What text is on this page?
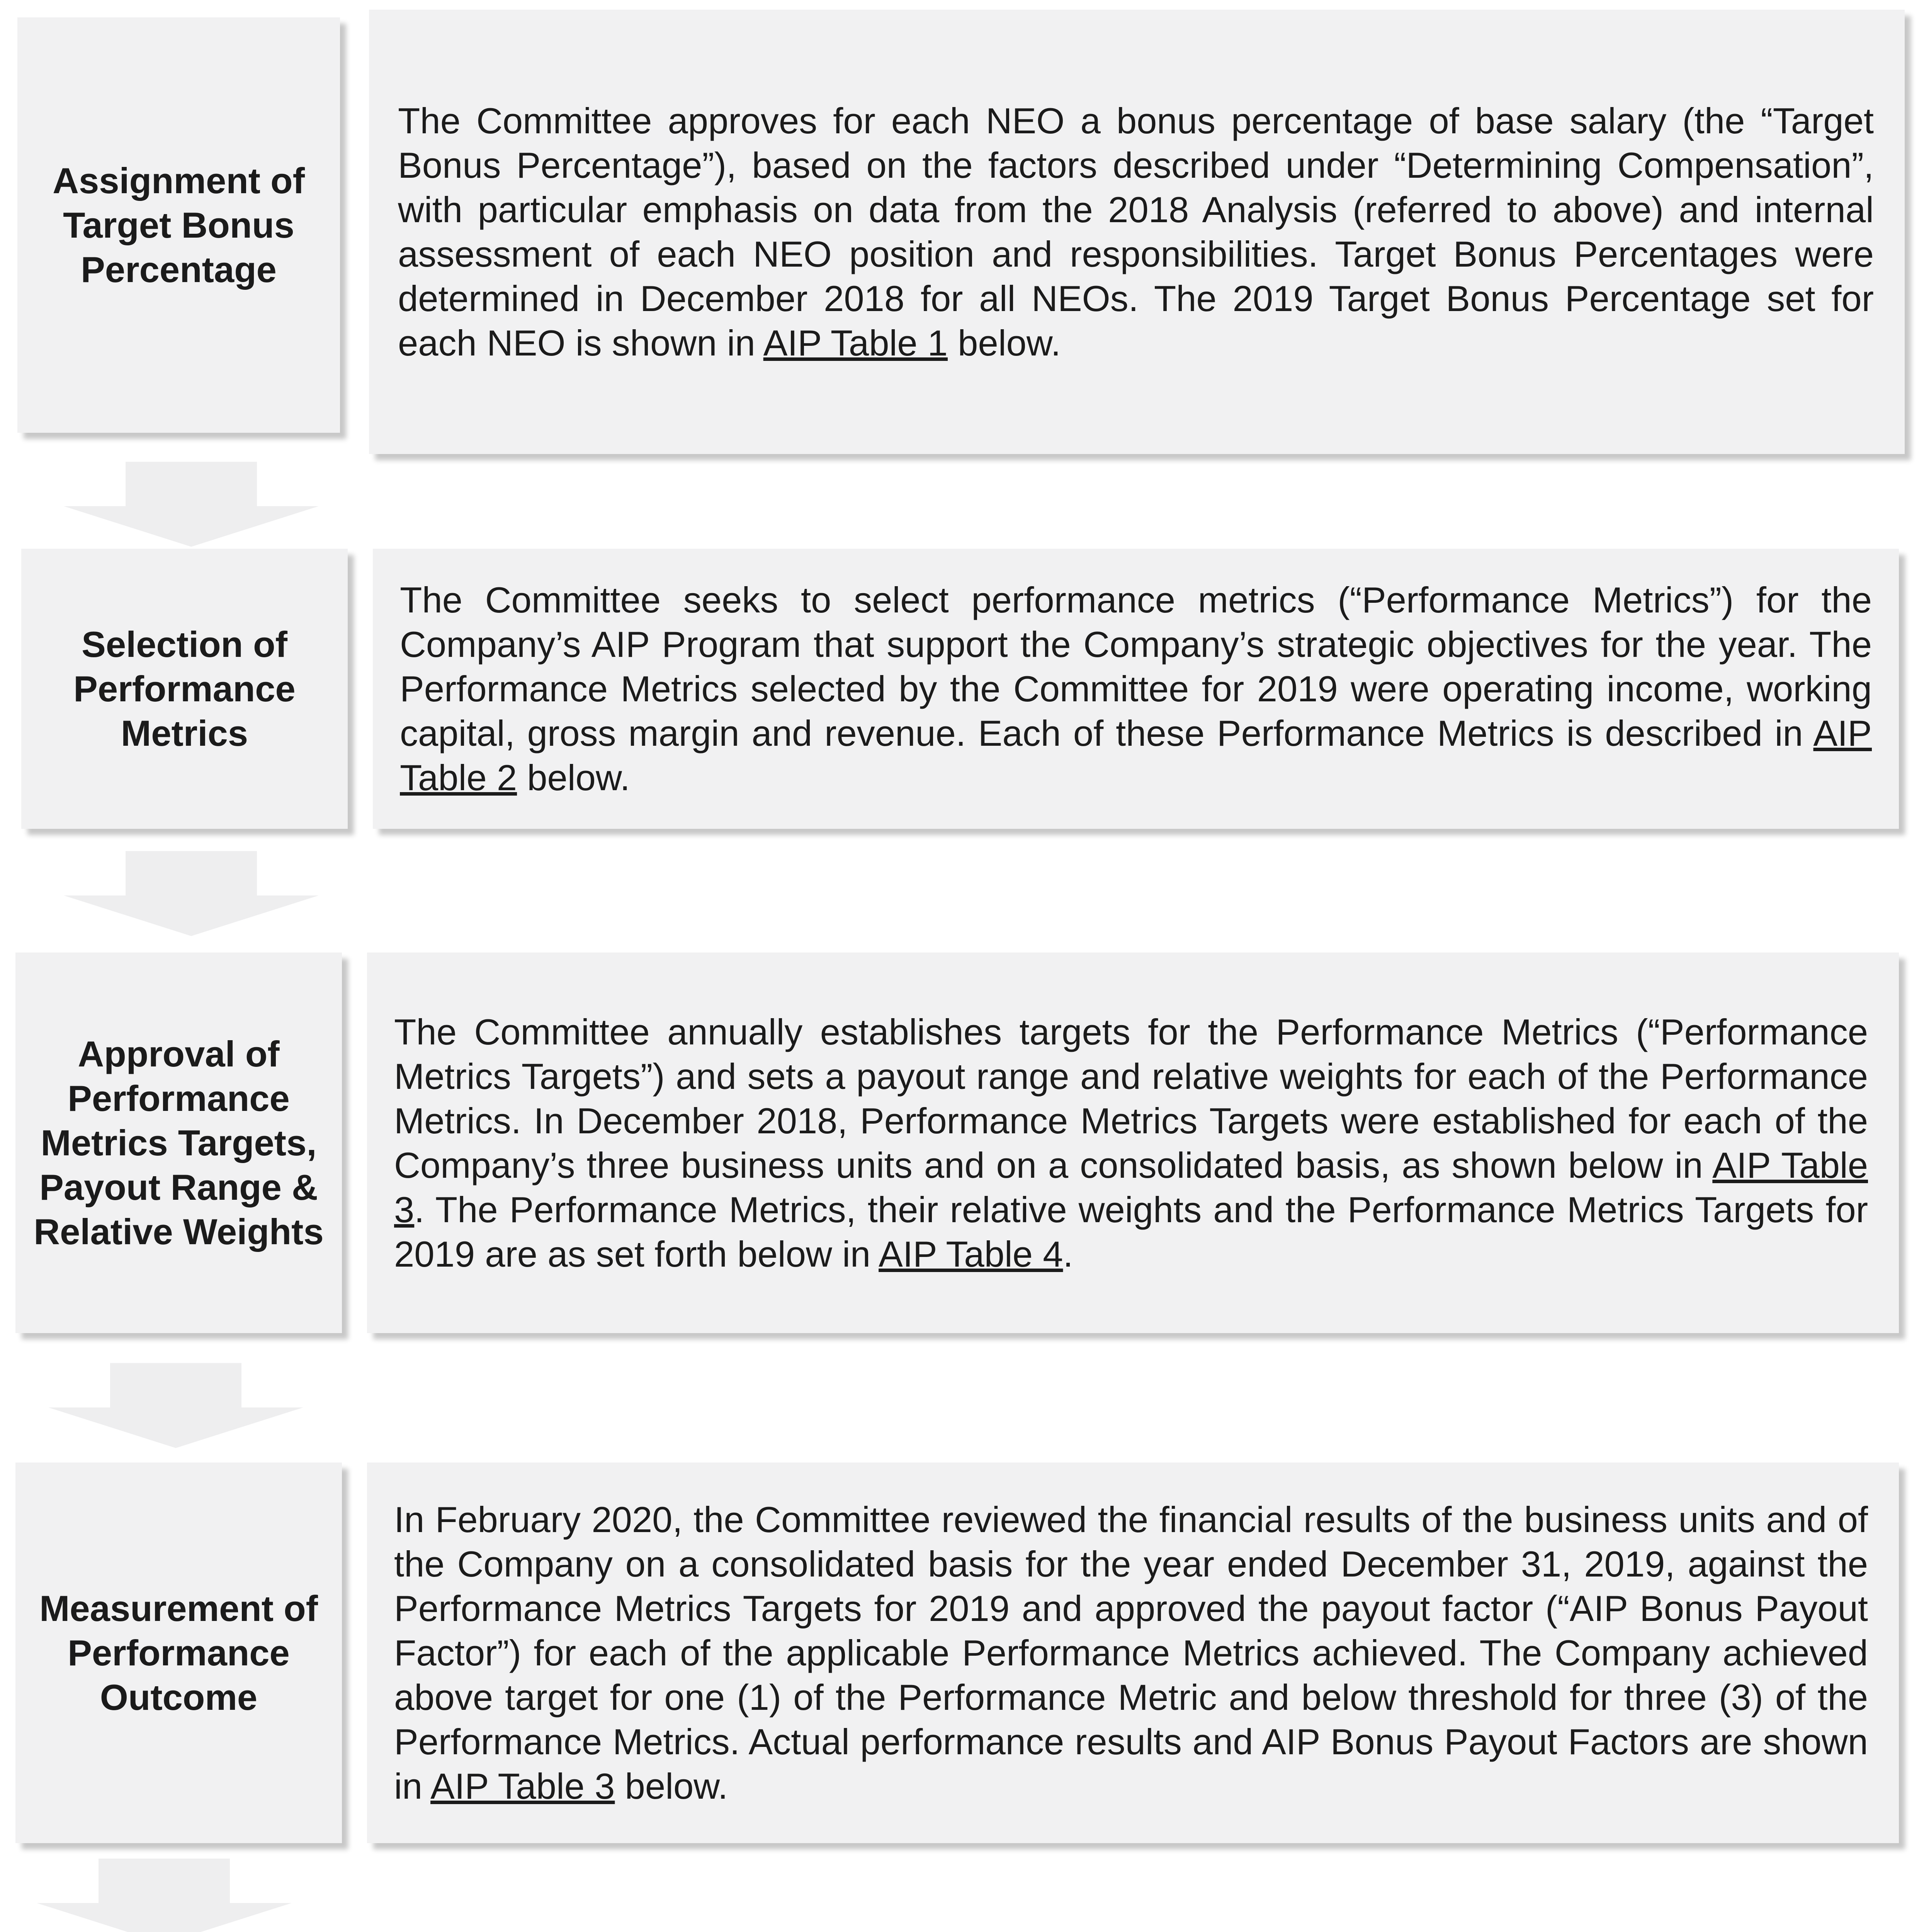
Assignment of Target Bonus Percentage

The Committee approves for each NEO a bonus percentage of base salary (the “Target Bonus Percentage”), based on the factors described under “Determining Compensation”, with particular emphasis on data from the 2018 Analysis (referred to above) and internal assessment of each NEO position and responsibilities. Target Bonus Percentages were determined in December 2018 for all NEOs. The 2019 Target Bonus Percentage set for each NEO is shown in AIP Table 1 below.

Selection of Performance Metrics

The Committee seeks to select performance metrics (“Performance Metrics”) for the Company’s AIP Program that support the Company’s strategic objectives for the year. The Performance Metrics selected by the Committee for 2019 were operating income, working capital, gross margin and revenue. Each of these Performance Metrics is described in AIP Table 2 below.

Approval of Performance Metrics Targets, Payout Range & Relative Weights

The Committee annually establishes targets for the Performance Metrics (“Performance Metrics Targets”) and sets a payout range and relative weights for each of the Performance Metrics. In December 2018, Performance Metrics Targets were established for each of the Company’s three business units and on a consolidated basis, as shown below in AIP Table 3. The Performance Metrics, their relative weights and the Performance Metrics Targets for 2019 are as set forth below in AIP Table 4.

Measurement of Performance Outcome

In February 2020, the Committee reviewed the financial results of the business units and of the Company on a consolidated basis for the year ended December 31, 2019, against the Performance Metrics Targets for 2019 and approved the payout factor (“AIP Bonus Payout Factor”) for each of the applicable Performance Metrics achieved. The Company achieved above target for one (1) of the Performance Metric and below threshold for three (3) of the Performance Metrics. Actual performance results and AIP Bonus Payout Factors are shown in AIP Table 3 below.
